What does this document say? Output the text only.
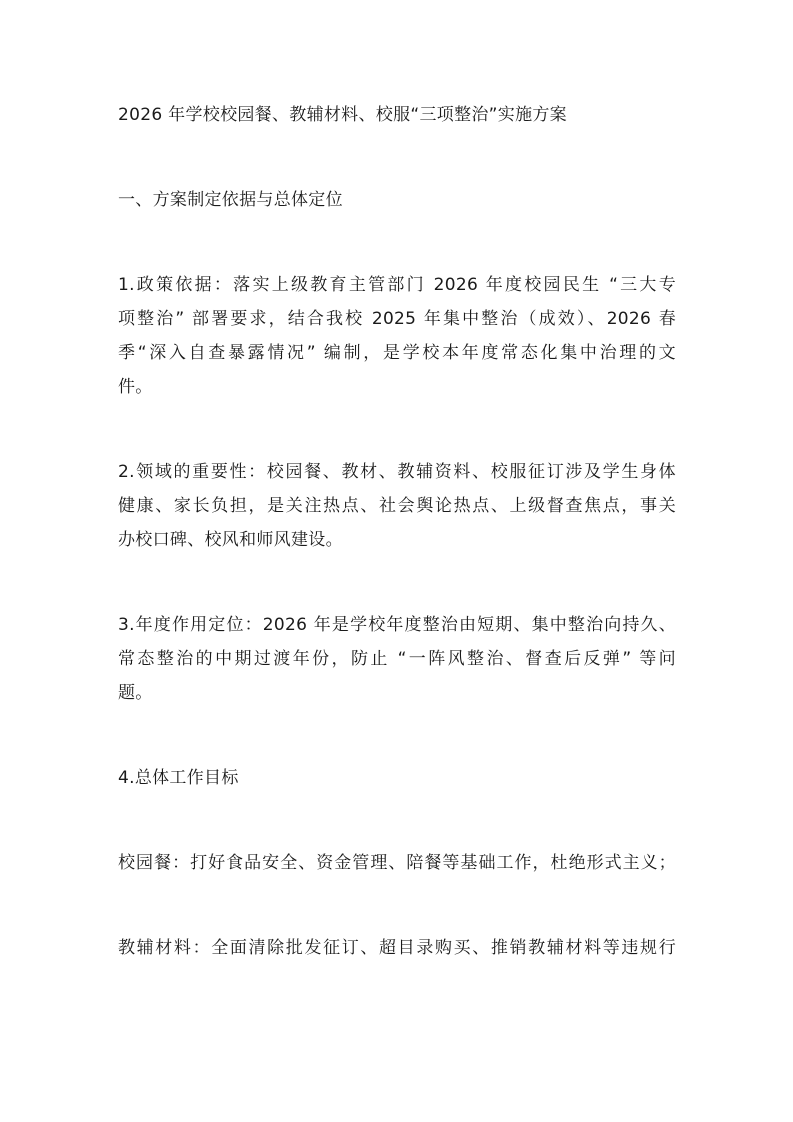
2026 年学校校园餐、教辅材料、校服“三项整治”实施方案
一、方案制定依据与总体定位
1.政策依据：落实上级教育主管部门 2026 年度校园民生 “三大专
项整治” 部署要求，结合我校 2025 年集中整治（成效）、2026 春
季“深入自查暴露情况” 编制，是学校本年度常态化集中治理的文
件。
2.领域的重要性：校园餐、教材、教辅资料、校服征订涉及学生身体
健康、家长负担，是关注热点、社会舆论热点、上级督查焦点，事关
办校口碑、校风和师风建设。
3.年度作用定位：2026 年是学校年度整治由短期、集中整治向持久、
常态整治的中期过渡年份，防止 “一阵风整治、督查后反弹” 等问
题。
4.总体工作目标
校园餐：打好食品安全、资金管理、陪餐等基础工作，杜绝形式主义；
教辅材料：全面清除批发征订、超目录购买、推销教辅材料等违规行
